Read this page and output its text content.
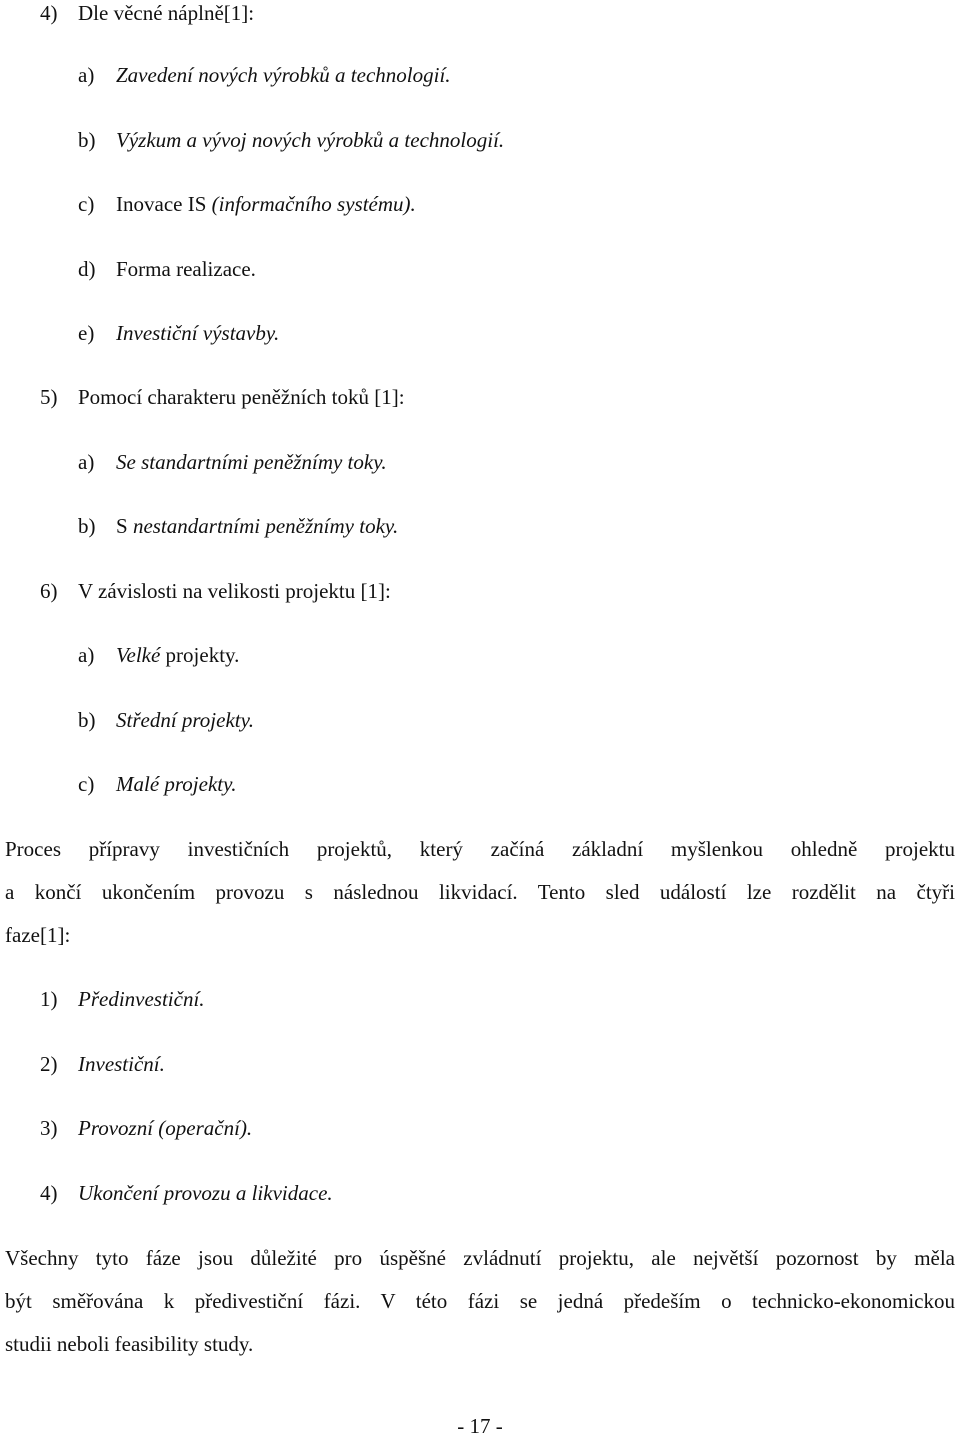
4) Dle věcné náplně[1]:
a) Zavedení nových výrobků a technologií.
b) Výzkum a vývoj nových výrobků a technologií.
c) Inovace IS (informačního systému).
d) Forma realizace.
e) Investiční výstavby.
5) Pomocí charakteru peněžních toků [1]:
a) Se standartními peněžnímy toky.
b) S nestandartními peněžnímy toky.
6) V závislosti na velikosti projektu [1]:
a) Velké projekty.
b) Střední projekty.
c) Malé projekty.
Proces přípravy investičních projektů, který začíná základní myšlenkou ohledně projektu
a končí ukončením provozu s následnou likvidací. Tento sled událostí lze rozdělit na čtyři
faze[1]:
1) Předinvestiční.
2) Investiční.
3) Provozní (operační).
4) Ukončení provozu a likvidace.
Všechny tyto fáze jsou důležité pro úspěšné zvládnutí projektu, ale největší pozornost by měla
být směřována k předivestiční fázi. V této fázi se jedná předeším o technicko-ekonomickou
studii neboli feasibility study.
- 17 -
